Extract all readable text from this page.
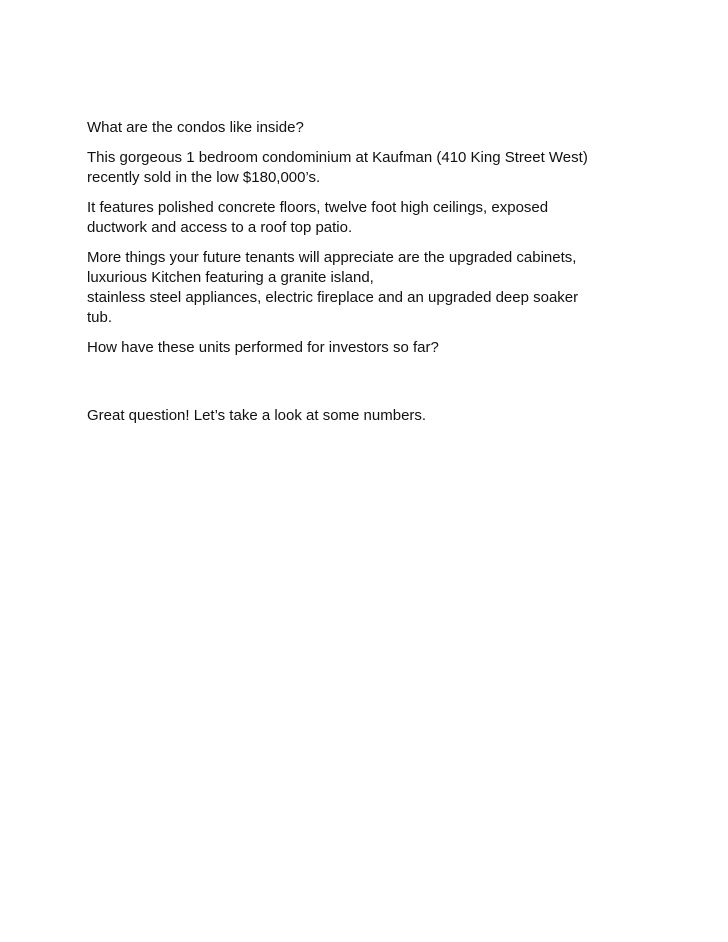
What are the condos like inside?

This gorgeous 1 bedroom condominium at Kaufman (410 King Street West)
recently sold in the low $180,000’s.

It features polished concrete floors, twelve foot high ceilings, exposed
ductwork and access to a roof top patio.

More things your future tenants will appreciate are the upgraded cabinets,
luxurious Kitchen featuring a granite island,
stainless steel appliances, electric fireplace and an upgraded deep soaker
tub.

How have these units performed for investors so far?

Great question! Let’s take a look at some numbers.
